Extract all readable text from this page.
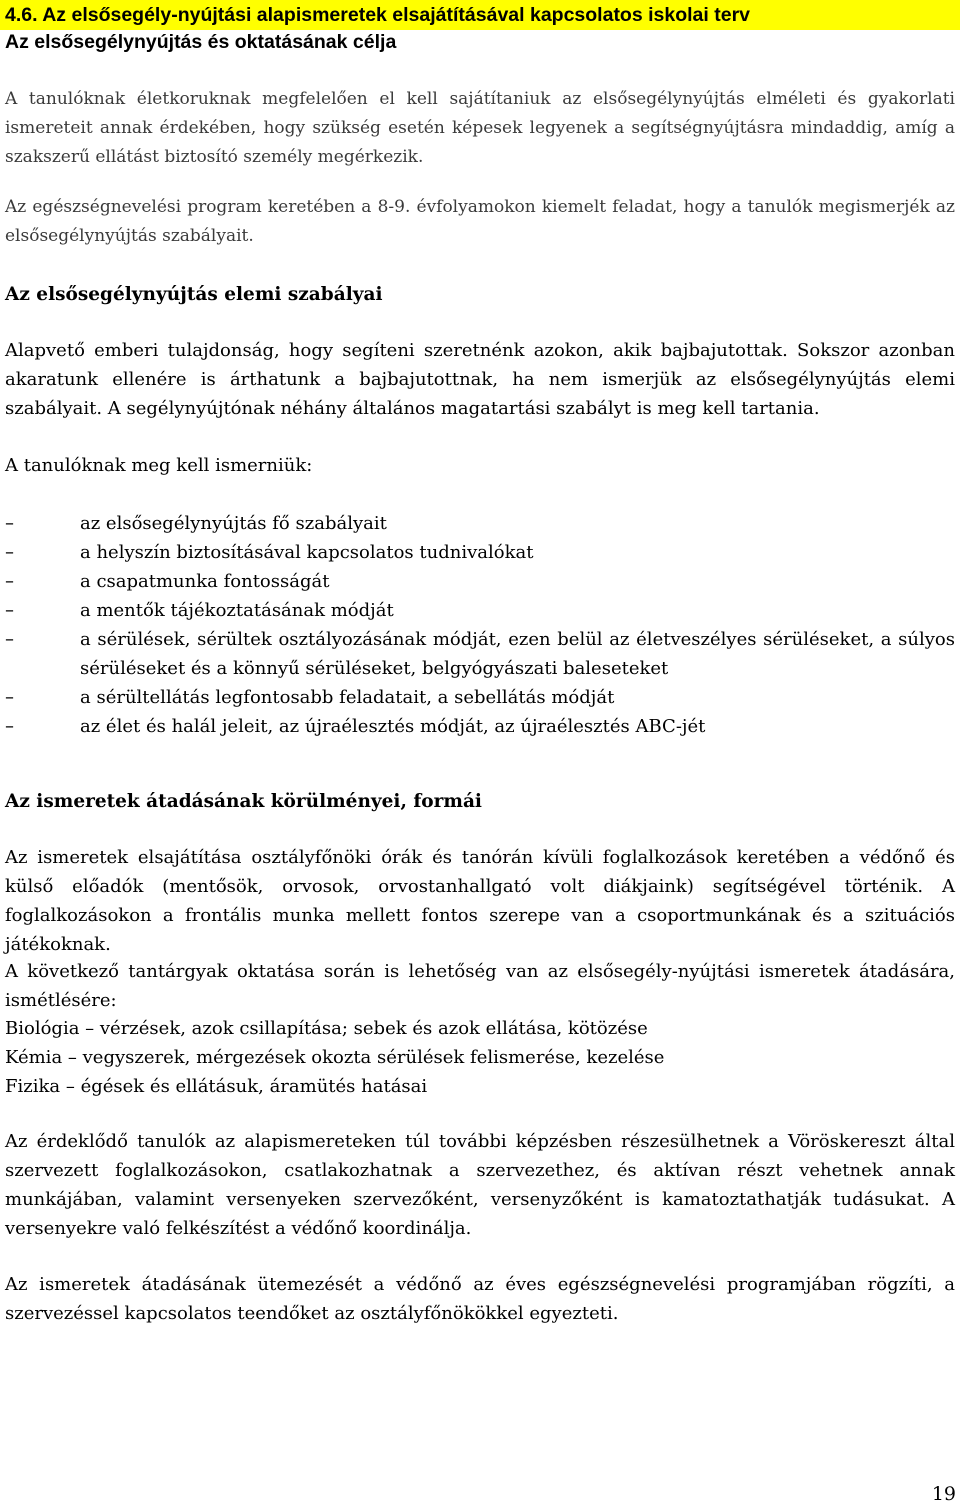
4.6. Az elsősegély-nyújtási alapismeretek elsajátításával kapcsolatos iskolai terv
Az elsősegélynyújtás és oktatásának célja
A tanulóknak életkoruknak megfelelően el kell sajátítaniuk az elsősegélynyújtás elméleti és gyakorlati ismereteit annak érdekében, hogy szükség esetén képesek legyenek a segítségnyújtásra mindaddig, amíg a szakszerű ellátást biztosító személy megérkezik.
Az egészségnevelési program keretében a 8-9. évfolyamokon kiemelt feladat, hogy a tanulók megismerjék az elsősegélynyújtás szabályait.
Az elsősegélynyújtás elemi szabályai
Alapvető emberi tulajdonság, hogy segíteni szeretnénk azokon, akik bajbajutottak. Sokszor azonban akaratunk ellenére is árthatunk a bajbajutottnak, ha nem ismerjük az elsősegélynyújtás elemi szabályait. A segélynyújtónak néhány általános magatartási szabályt is meg kell tartania.
A tanulóknak meg kell ismerniük:
–	az elsősegélynyújtás fő szabályait
–	a helyszín biztosításával kapcsolatos tudnivalókat
–	a csapatmunka fontosságát
–	a mentők tájékoztatásának módját
–	a sérülések, sérültek osztályozásának módját, ezen belül az életveszélyes sérüléseket, a súlyos sérüléseket és a könnyű sérüléseket, belgyógyászati baleseteket
–	a sérültellátás legfontosabb feladatait, a sebellátás módját
–	az élet és halál jeleit, az újraélesztés módját, az újraélesztés ABC-jét
Az ismeretek átadásának körülményei, formái
Az ismeretek elsajátítása osztályfőnöki órák és tanórán kívüli foglalkozások keretében a védőnő és külső előadók (mentősök, orvosok, orvostanhallgató volt diákjaink) segítségével történik. A foglalkozásokon a frontális munka mellett fontos szerepe van a csoportmunkának és a szituációs játékoknak.
A következő tantárgyak oktatása során is lehetőség van az elsősegély-nyújtási ismeretek átadására, ismétlésére:
Biológia – vérzések, azok csillapítása; sebek és azok ellátása, kötözése
Kémia – vegyszerek, mérgezések okozta sérülések felismerése, kezelése
Fizika – égések és ellátásuk, áramütés hatásai
Az érdeklődő tanulók az alapismereteken túl további képzésben részesülhetnek a Vöröskereszt által szervezett foglalkozásokon, csatlakozhatnak a szervezethez, és aktívan részt vehetnek annak munkájában, valamint versenyeken szervezőként, versenyzőként is kamatoztathatják tudásukat. A versenyekre való felkészítést a védőnő koordinálja.
Az ismeretek átadásának ütemezését a védőnő az éves egészségnevelési programjában rögzíti, a szervezéssel kapcsolatos teendőket az osztályfőnökökkel egyezteti.
19
